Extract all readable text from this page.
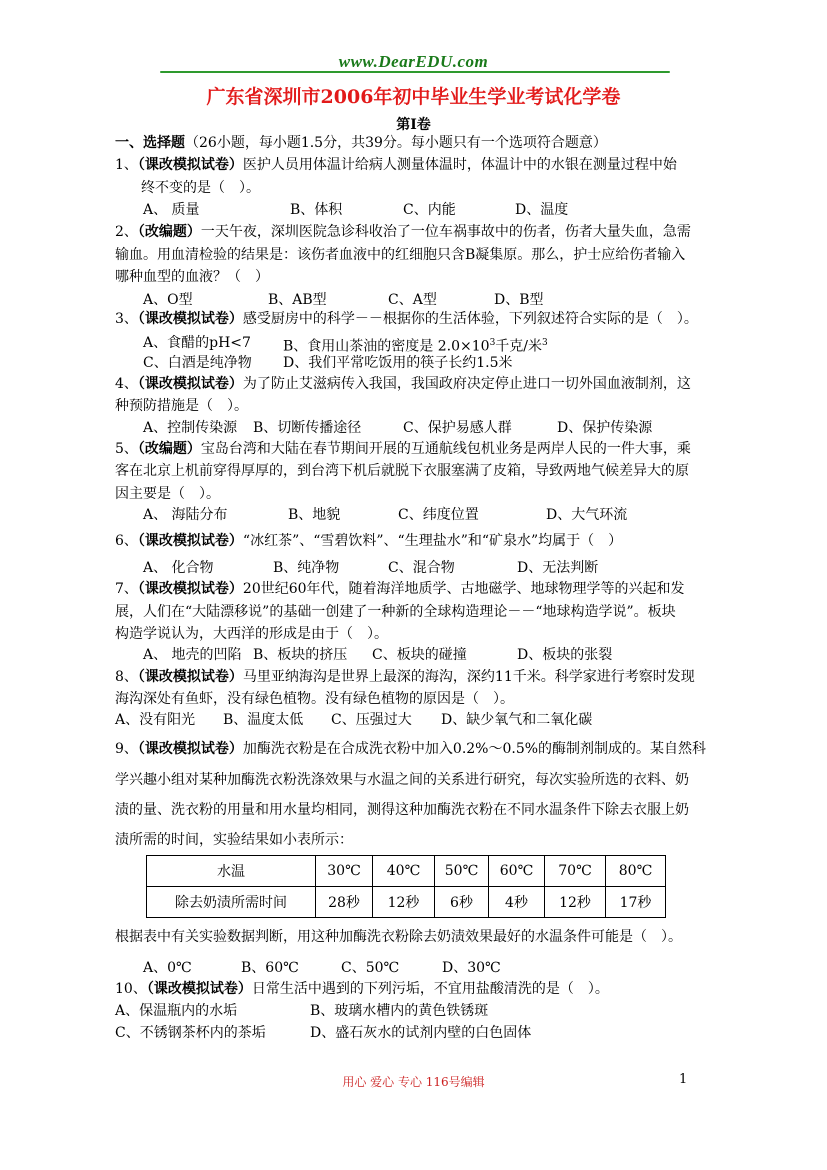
www.DearEDU.com
广东省深圳市2006年初中毕业生学业考试化学卷
第Ⅰ卷
一、选择题（26小题，每小题1.5分，共39分。每小题只有一个选项符合题意）
1、（课改模拟试卷）医护人员用体温计给病人测量体温时，体温计中的水银在测量过程中始
终不变的是（　）。
A、 质量	B、体积	C、内能	D、温度
2、（改编题）一天午夜，深圳医院急诊科收治了一位车祸事故中的伤者，伤者大量失血，急需
输血。用血清检验的结果是：该伤者血液中的红细胞只含B凝集原。那么，护士应给伤者输入
哪种血型的血液？（　）
A、O型	B、AB型	C、A型	D、B型
3、（课改模拟试卷）感受厨房中的科学－－根据你的生活体验，下列叙述符合实际的是（　）。
A、食醋的pH<7 B、食用山茶油的密度是 $2.0\times 10^3$千克/米$^3$
C、白酒是纯净物 D、我们平常吃饭用的筷子长约1.5米
4、（课改模拟试卷）为了防止艾滋病传入我国，我国政府决定停止进口一切外国血液制剂，这
种预防措施是（　）。
A、控制传染源 B、切断传播途径	C、保护易感人群	D、保护传染源
5、（改编题）宝岛台湾和大陆在春节期间开展的互通航线包机业务是两岸人民的一件大事，乘
客在北京上机前穿得厚厚的，到台湾下机后就脱下衣服塞满了皮箱，导致两地气候差异大的原
因主要是（　）。
A、 海陆分布	B、地貌	C、纬度位置	D、大气环流
6、（课改模拟试卷）“冰红茶”、“雪碧饮料”、“生理盐水”和“矿泉水”均属于（　）
A、 化合物	B、纯净物	C、混合物	D、无法判断
7、（课改模拟试卷）20世纪60年代，随着海洋地质学、古地磁学、地球物理学等的兴起和发
展，人们在“大陆漂移说”的基础一创建了一种新的全球构造理论－－“地球构造学说”。板块
构造学说认为，大西洋的形成是由于（　）。
A、 地壳的凹陷 B、板块的挤压 C、板块的碰撞	D、板块的张裂
8、（课改模拟试卷）马里亚纳海沟是世界上最深的海沟，深约11千米。科学家进行考察时发现
海沟深处有鱼虾，没有绿色植物。没有绿色植物的原因是（　）。
A、没有阳光 B、温度太低 C、压强过大 D、缺少氧气和二氧化碳
9、（课改模拟试卷）加酶洗衣粉是在合成洗衣粉中加入0.2%～0.5%的酶制剂制成的。某自然科
学兴趣小组对某种加酶洗衣粉洗涤效果与水温之间的关系进行研究，每次实验所选的衣料、奶
渍的量、洗衣粉的用量和用水量均相同，测得这种加酶洗衣粉在不同水温条件下除去衣服上奶
渍所需的时间，实验结果如小表所示：
水温	30℃	40℃	50℃	60℃	70℃	80℃
除去奶渍所需时间	28秒	12秒	6秒	4秒	12秒	17秒
根据表中有关实验数据判断，用这种加酶洗衣粉除去奶渍效果最好的水温条件可能是（　）。
A、0℃	B、60℃	C、50℃	D、30℃
10、（课改模拟试卷）日常生活中遇到的下列污垢，不宜用盐酸清洗的是（　）。
A、保温瓶内的水垢	B、玻璃水槽内的黄色铁锈斑
C、不锈钢茶杯内的茶垢	D、盛石灰水的试剂内壁的白色固体
用心 爱心 专心 116号编辑	1
